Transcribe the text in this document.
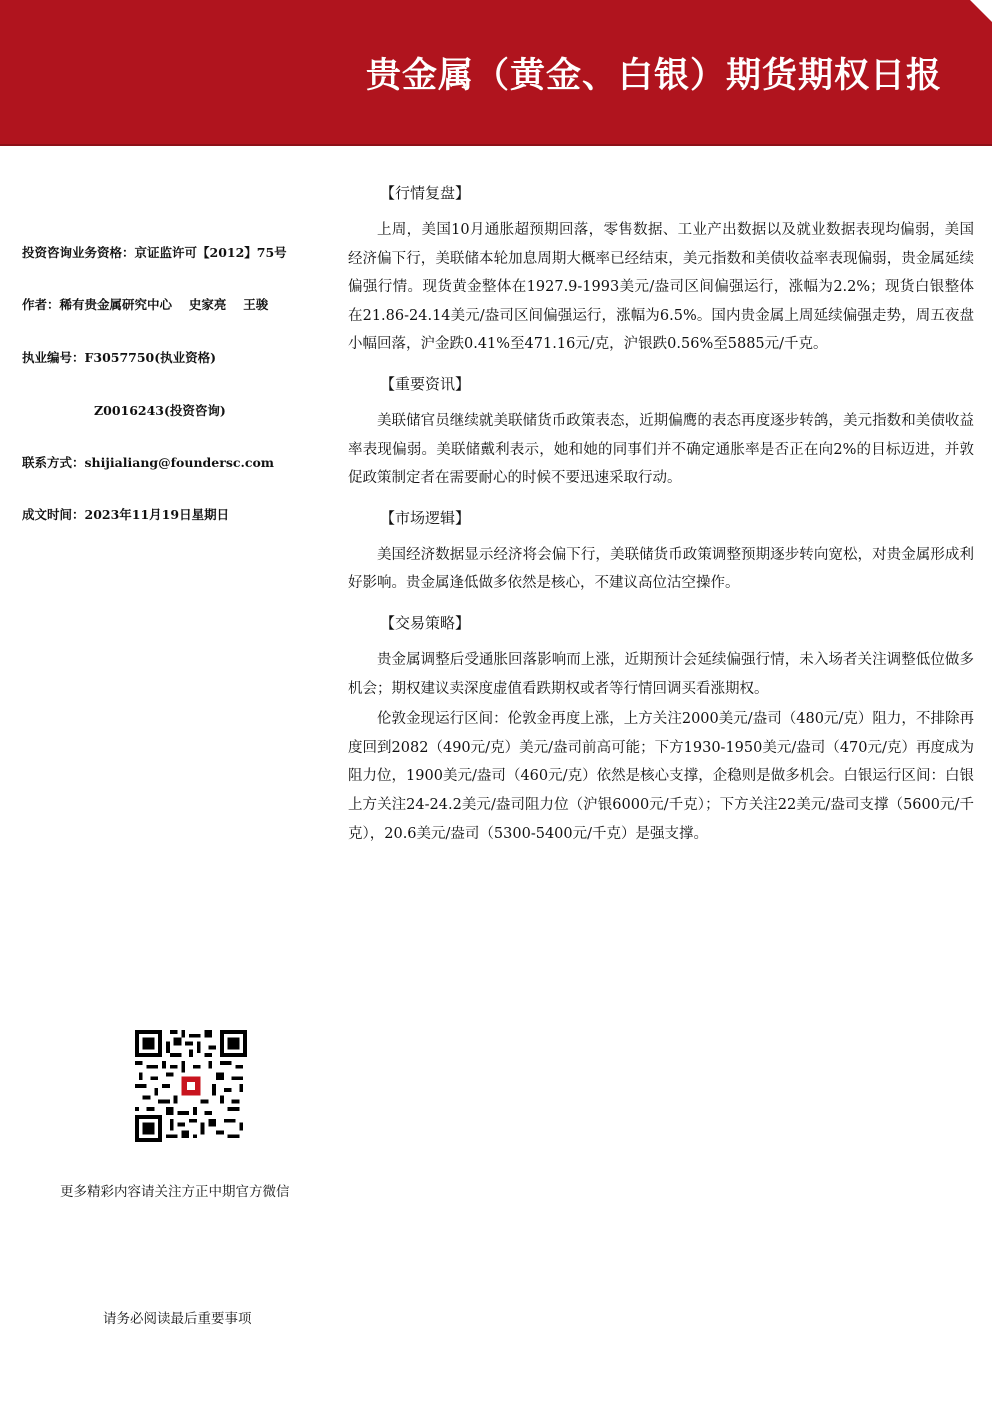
贵金属（黄金、白银）期货期权日报
投资咨询业务资格：京证监许可【2012】75号
作者：稀有贵金属研究中心　 史家亮　 王骏
执业编号：F3057750(执业资格)
Z0016243(投资咨询)
联系方式：shijialiang@foundersc.com
成文时间：2023年11月19日星期日
更多精彩内容请关注方正中期官方微信
请务必阅读最后重要事项
【行情复盘】

上周，美国10月通胀超预期回落，零售数据、工业产出数据以及就业数据表现均偏弱，美国经济偏下行，美联储本轮加息周期大概率已经结束，美元指数和美债收益率表现偏弱，贵金属延续偏强行情。现货黄金整体在1927.9-1993美元/盎司区间偏强运行，涨幅为2.2%；现货白银整体在21.86-24.14美元/盎司区间偏强运行，涨幅为6.5%。国内贵金属上周延续偏强走势，周五夜盘小幅回落，沪金跌0.41%至471.16元/克，沪银跌0.56%至5885元/千克。

【重要资讯】

美联储官员继续就美联储货币政策表态，近期偏鹰的表态再度逐步转鸽，美元指数和美债收益率表现偏弱。美联储戴利表示，她和她的同事们并不确定通胀率是否正在向2%的目标迈进，并敦促政策制定者在需要耐心的时候不要迅速采取行动。

【市场逻辑】

美国经济数据显示经济将会偏下行，美联储货币政策调整预期逐步转向宽松，对贵金属形成利好影响。贵金属逢低做多依然是核心，不建议高位沽空操作。

【交易策略】

贵金属调整后受通胀回落影响而上涨，近期预计会延续偏强行情，未入场者关注调整低位做多机会；期权建议卖深度虚值看跌期权或者等行情回调买看涨期权。

伦敦金现运行区间：伦敦金再度上涨，上方关注2000美元/盎司（480元/克）阻力，不排除再度回到2082（490元/克）美元/盎司前高可能；下方1930-1950美元/盎司（470元/克）再度成为阻力位，1900美元/盎司（460元/克）依然是核心支撑，企稳则是做多机会。白银运行区间：白银上方关注24-24.2美元/盎司阻力位（沪银6000元/千克）；下方关注22美元/盎司支撑（5600元/千克），20.6美元/盎司（5300-5400元/千克）是强支撑。
